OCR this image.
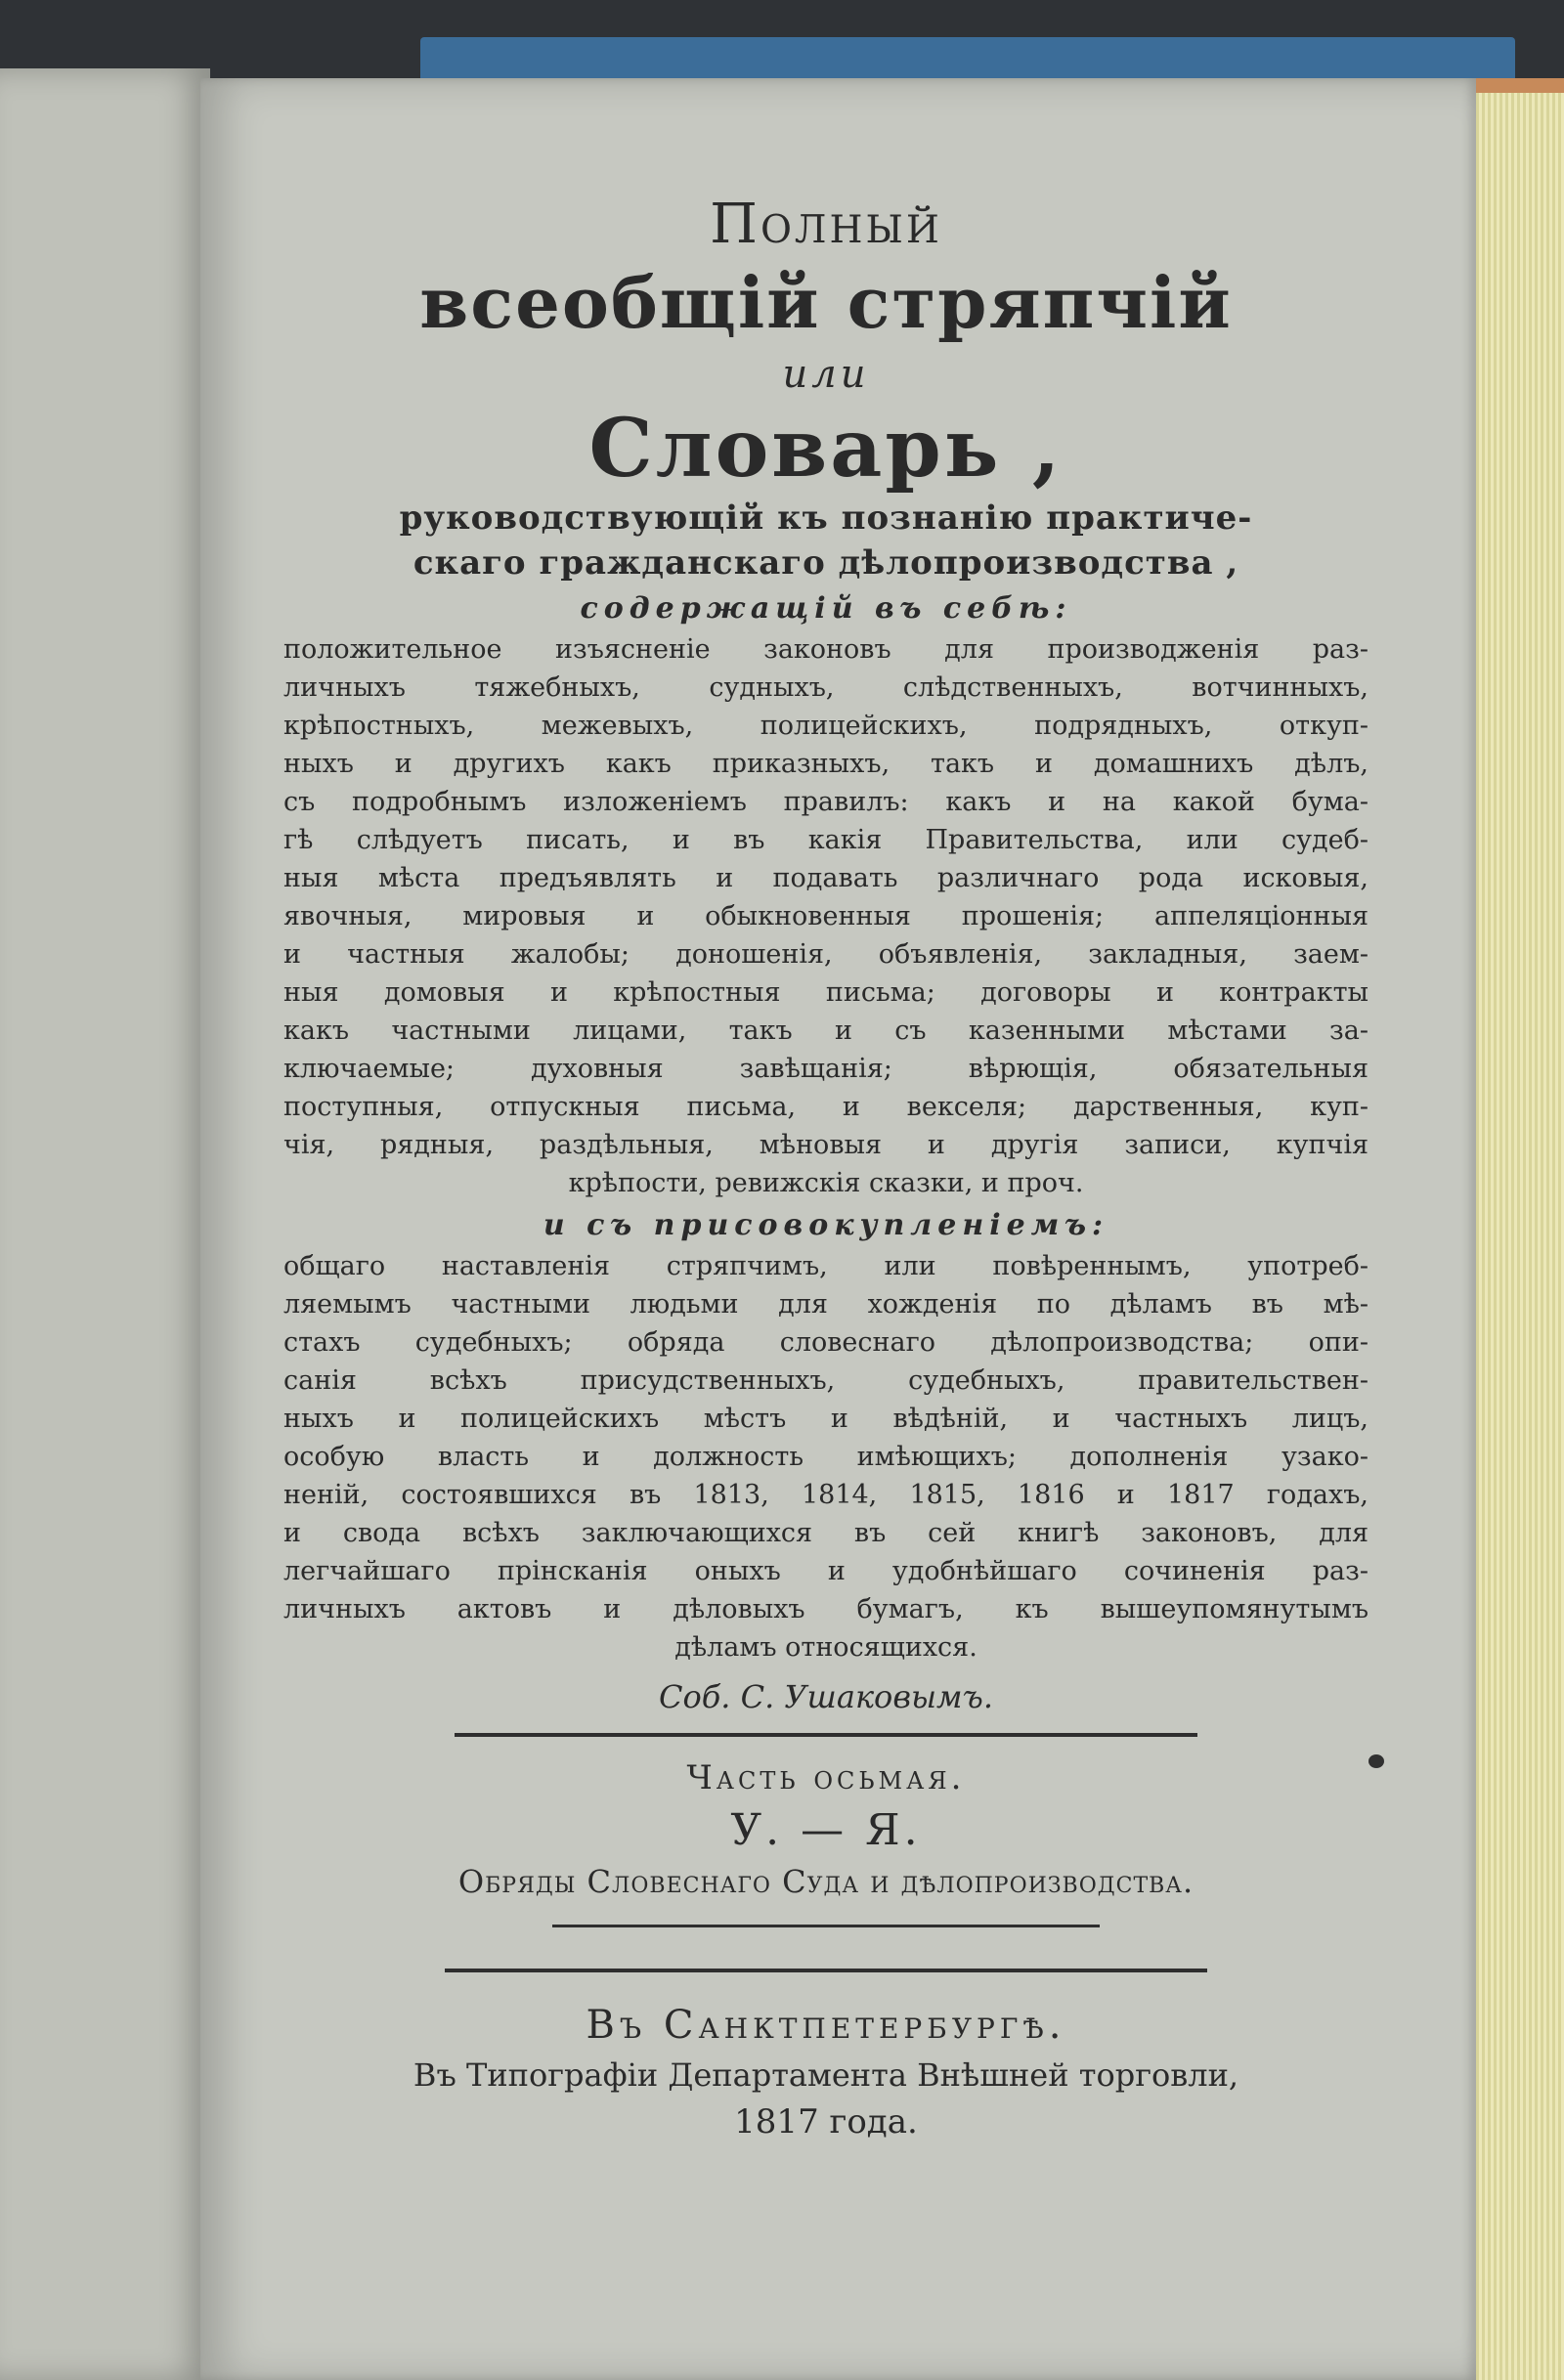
Полный

всеобщій стряпчій

или

Словарь ,

руководствующій къ познанію практиче-

скаго гражданскаго дѣлопроизводства ,

содержащій въ себѣ:

положительное изъясненіе законовъ для производженія раз-

личныхъ тяжебныхъ, судныхъ, слѣдственныхъ, вотчинныхъ,

крѣпостныхъ, межевыхъ, полицейскихъ, подрядныхъ, откуп-

ныхъ и другихъ какъ приказныхъ, такъ и домашнихъ дѣлъ,

съ подробнымъ изложеніемъ правилъ: какъ и на какой бума-

гѣ слѣдуетъ писать, и въ какія Правительства, или судеб-

ныя мѣста предъявлять и подавать различнаго рода исковыя,

явочныя, мировыя и обыкновенныя прошенія; аппеляціонныя

и частныя жалобы; доношенія, объявленія, закладныя, заем-

ныя домовыя и крѣпостныя письма; договоры и контракты

какъ частными лицами, такъ и съ казенными мѣстами за-

ключаемые; духовныя завѣщанія; вѣрющія, обязательныя

поступныя, отпускныя письма, и векселя; дарственныя, куп-

чія, рядныя, раздѣльныя, мѣновыя и другія записи, купчія

крѣпости, ревижскія сказки, и проч.

и съ присовокупленіемъ:

общаго наставленія стряпчимъ, или повѣреннымъ, употреб-

ляемымъ частными людьми для хожденія по дѣламъ въ мѣ-

стахъ судебныхъ; обряда словеснаго дѣлопроизводства; опи-

санія всѣхъ присудственныхъ, судебныхъ, правительствен-

ныхъ и полицейскихъ мѣстъ и вѣдѣній, и частныхъ лицъ,

особую власть и должность имѣющихъ; дополненія узако-

неній, состоявшихся въ 1813, 1814, 1815, 1816 и 1817 годахъ,

и свода всѣхъ заключающихся въ сей книгѣ законовъ, для

легчайшаго прінсканія оныхъ и удобнѣйшаго сочиненія раз-

личныхъ актовъ и дѣловыхъ бумагъ, къ вышеупомянутымъ

дѣламъ относящихся.

Соб. С. Ушаковымъ.

Часть осьмая.

У. — Я.

Обряды Словеснаго Суда и дѣлопроизводства.

Въ Санктпетербургѣ.

Въ Типографіи Департамента Внѣшней торговли,

1817 года.
